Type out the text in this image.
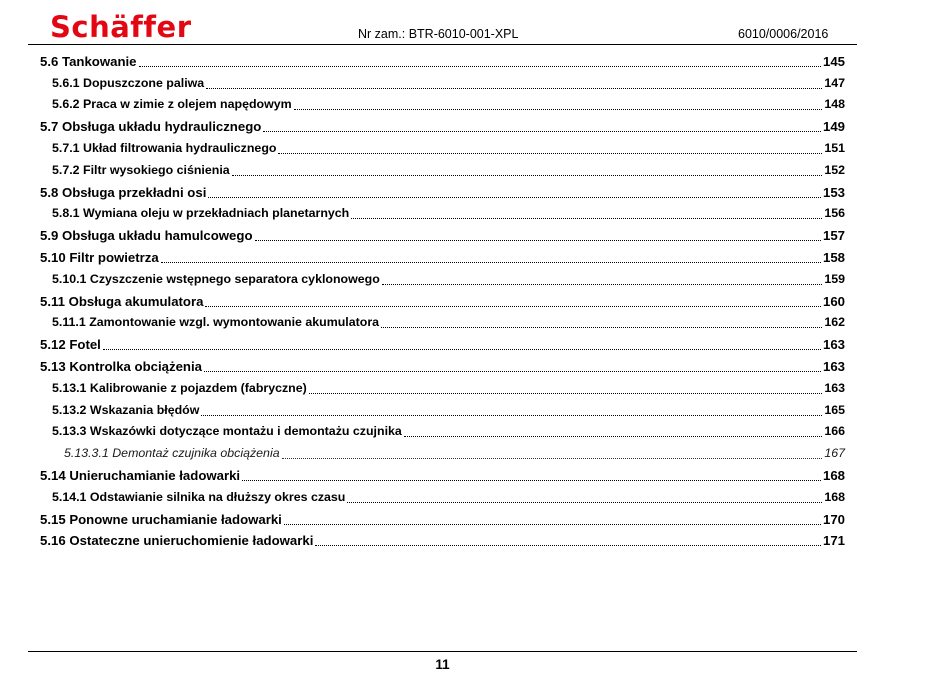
Schäffer	Nr zam.: BTR-6010-001-XPL	6010/0006/2016
5.6 Tankowanie	145
5.6.1 Dopuszczone paliwa	147
5.6.2 Praca w zimie z olejem napędowym	148
5.7 Obsługa układu hydraulicznego	149
5.7.1 Układ filtrowania hydraulicznego	151
5.7.2 Filtr wysokiego ciśnienia	152
5.8 Obsługa przekładni osi	153
5.8.1 Wymiana oleju w przekładniach planetarnych	156
5.9 Obsługa układu hamulcowego	157
5.10 Filtr powietrza	158
5.10.1 Czyszczenie wstępnego separatora cyklonowego	159
5.11 Obsługa akumulatora	160
5.11.1 Zamontowanie wzgl. wymontowanie akumulatora	162
5.12 Fotel	163
5.13 Kontrolka obciążenia	163
5.13.1 Kalibrowanie z pojazdem (fabryczne)	163
5.13.2 Wskazania błędów	165
5.13.3 Wskazówki dotyczące montażu i demontażu czujnika	166
5.13.3.1 Demontaż czujnika obciążenia	167
5.14 Unieruchamianie ładowarki	168
5.14.1 Odstawianie silnika na dłuższy okres czasu	168
5.15 Ponowne uruchamianie ładowarki	170
5.16 Ostateczne unieruchomienie ładowarki	171
11
